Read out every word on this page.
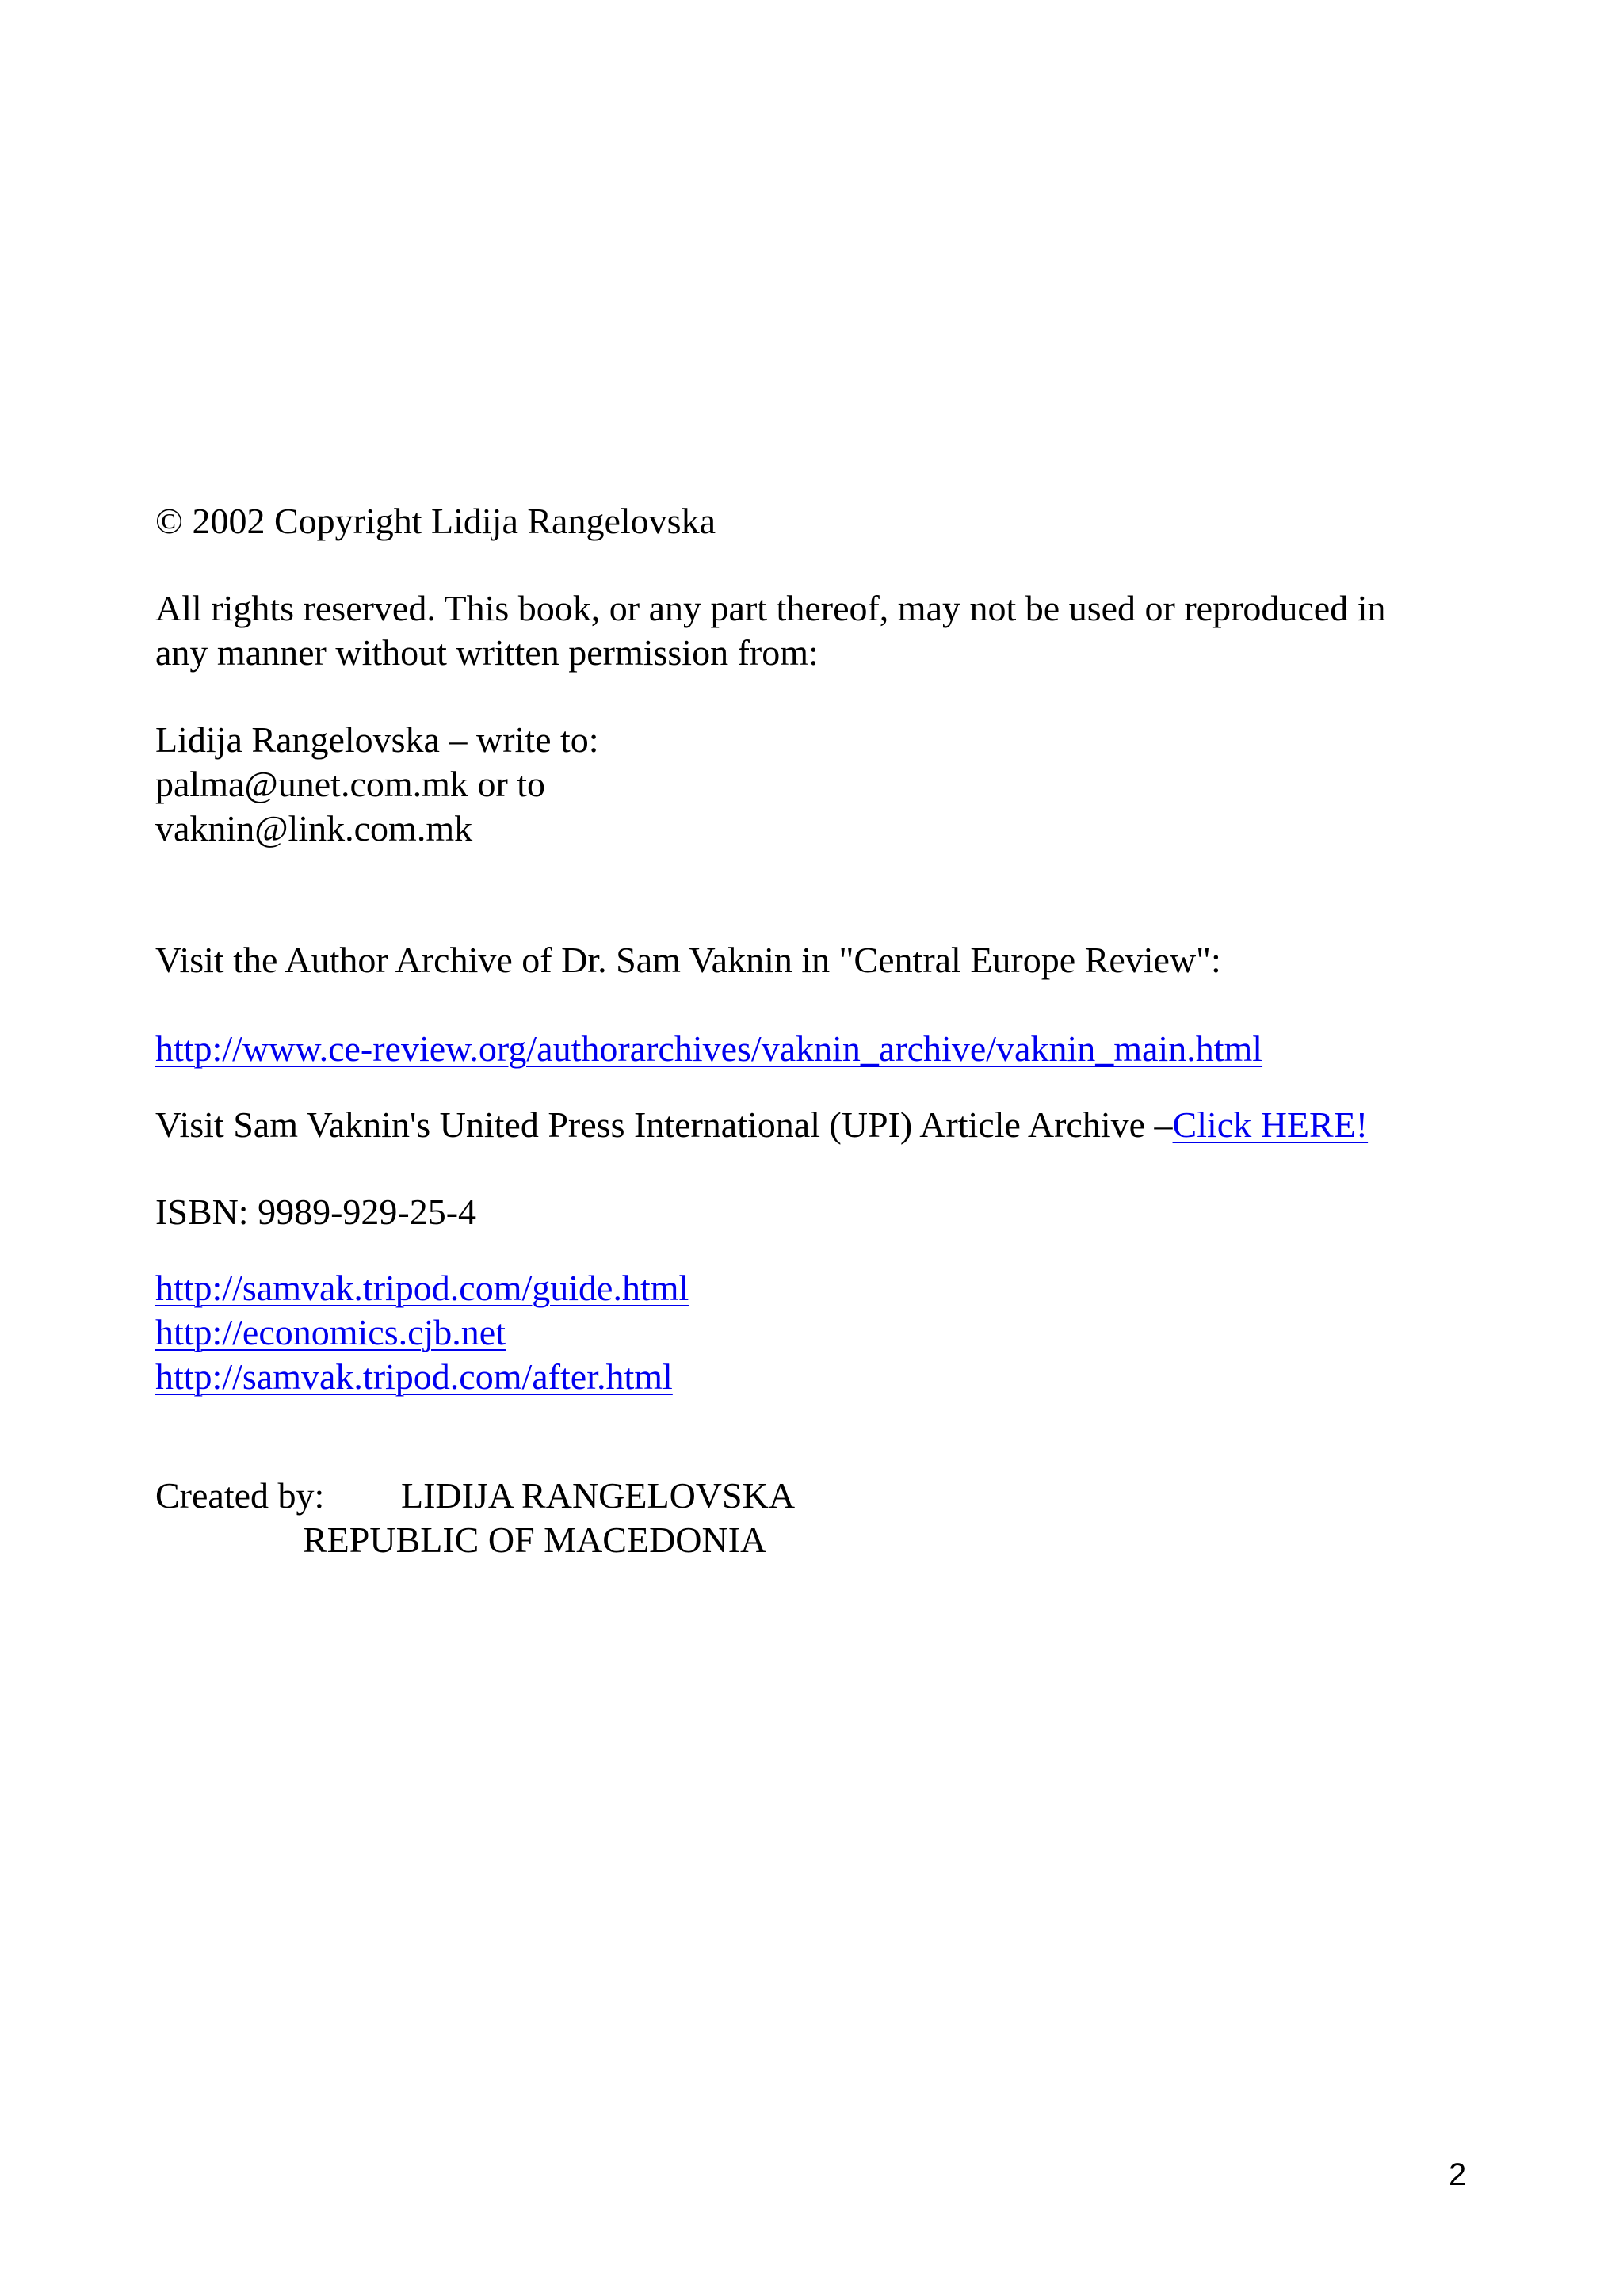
© 2002 Copyright Lidija Rangelovska
All rights reserved. This book, or any part thereof, may not be used or reproduced in
any manner without written permission from:
Lidija Rangelovska – write to:
palma@unet.com.mk or to
vaknin@link.com.mk
Visit the Author Archive of Dr. Sam Vaknin in "Central Europe Review":
http://www.ce-review.org/authorarchives/vaknin_archive/vaknin_main.html
Visit Sam Vaknin's United Press International (UPI) Article Archive –Click HERE!
ISBN: 9989-929-25-4
http://samvak.tripod.com/guide.html
http://economics.cjb.net
http://samvak.tripod.com/after.html
Created by: LIDIJA RANGELOVSKA
REPUBLIC OF MACEDONIA
2
